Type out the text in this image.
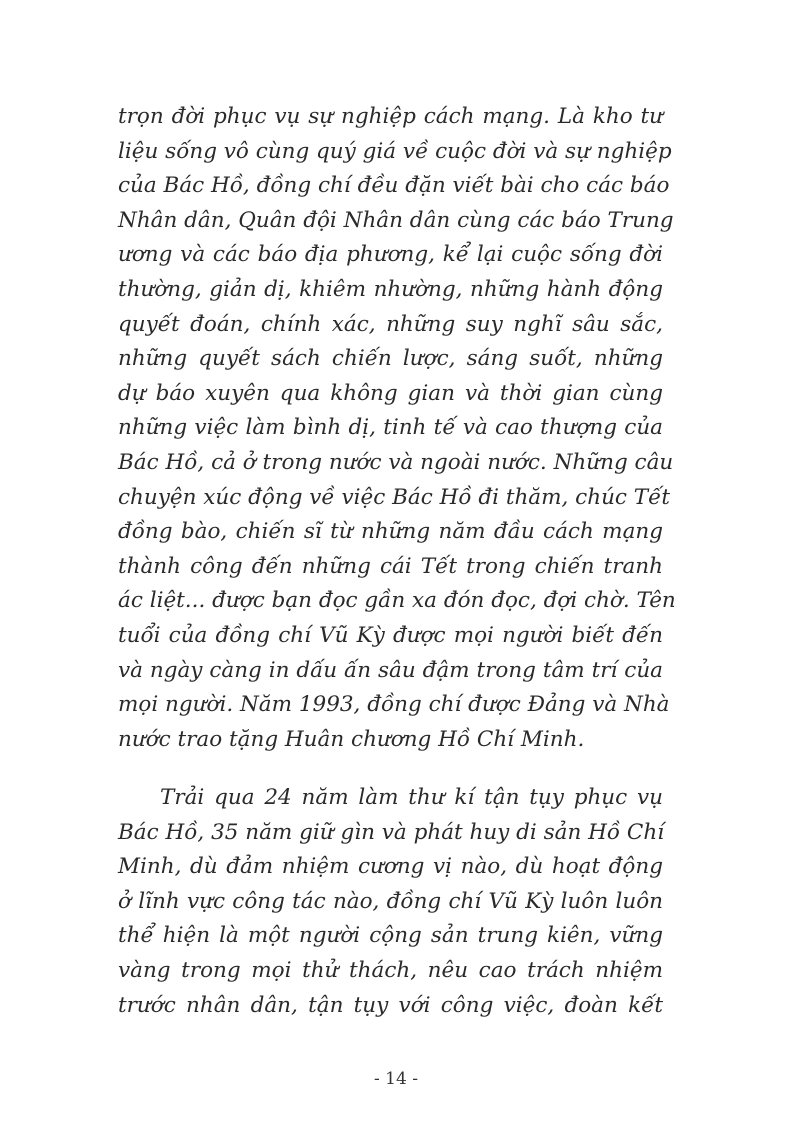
trọn đời phục vụ sự nghiệp cách mạng. Là kho tư
liệu sống vô cùng quý giá về cuộc đời và sự nghiệp
của Bác Hồ, đồng chí đều đặn viết bài cho các báo
Nhân dân, Quân đội Nhân dân cùng các báo Trung
ương và các báo địa phương, kể lại cuộc sống đời
thường, giản dị, khiêm nhường, những hành động
quyết đoán, chính xác, những suy nghĩ sâu sắc,
những quyết sách chiến lược, sáng suốt, những
dự báo xuyên qua không gian và thời gian cùng
những việc làm bình dị, tinh tế và cao thượng của
Bác Hồ, cả ở trong nước và ngoài nước. Những câu
chuyện xúc động về việc Bác Hồ đi thăm, chúc Tết
đồng bào, chiến sĩ từ những năm đầu cách mạng
thành công đến những cái Tết trong chiến tranh
ác liệt... được bạn đọc gần xa đón đọc, đợi chờ. Tên
tuổi của đồng chí Vũ Kỳ được mọi người biết đến
và ngày càng in dấu ấn sâu đậm trong tâm trí của
mọi người. Năm 1993, đồng chí được Đảng và Nhà
nước trao tặng Huân chương Hồ Chí Minh.
Trải qua 24 năm làm thư kí tận tụy phục vụ
Bác Hồ, 35 năm giữ gìn và phát huy di sản Hồ Chí
Minh, dù đảm nhiệm cương vị nào, dù hoạt động
ở lĩnh vực công tác nào, đồng chí Vũ Kỳ luôn luôn
thể hiện là một người cộng sản trung kiên, vững
vàng trong mọi thử thách, nêu cao trách nhiệm
trước nhân dân, tận tụy với công việc, đoàn kết
- 14 -
